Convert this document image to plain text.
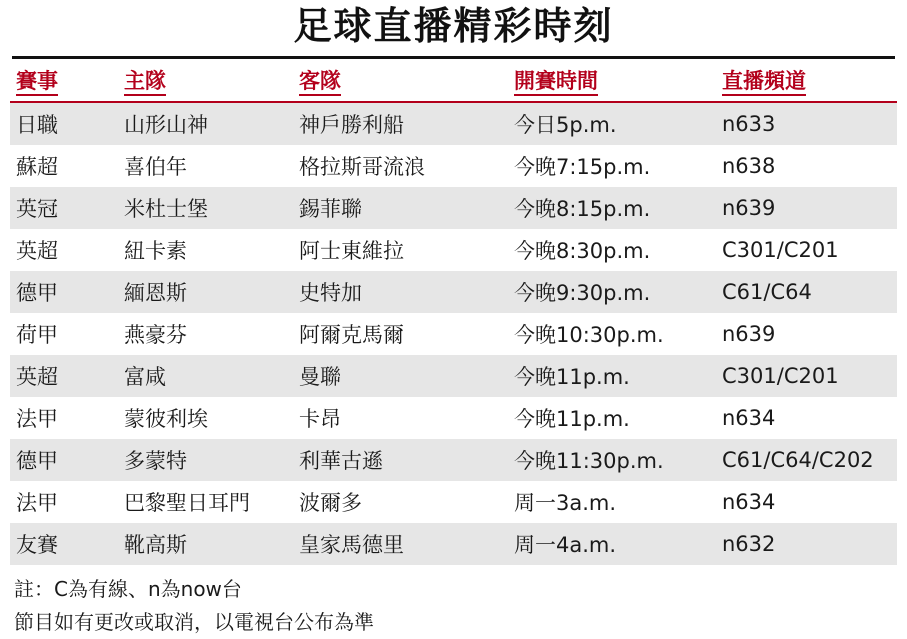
足球直播精彩時刻
賽事	主隊	客隊	開賽時間	直播頻道
日職	山形山神	神戶勝利船	今日5p.m.	n633
蘇超	喜伯年	格拉斯哥流浪	今晚7:15p.m.	n638
英冠	米杜士堡	錫菲聯	今晚8:15p.m.	n639
英超	紐卡素	阿士東維拉	今晚8:30p.m.	C301/C201
德甲	緬恩斯	史特加	今晚9:30p.m.	C61/C64
荷甲	燕豪芬	阿爾克馬爾	今晚10:30p.m.	n639
英超	富咸	曼聯	今晚11p.m.	C301/C201
法甲	蒙彼利埃	卡昂	今晚11p.m.	n634
德甲	多蒙特	利華古遜	今晚11:30p.m.	C61/C64/C202
法甲	巴黎聖日耳門	波爾多	周一3a.m.	n634
友賽	靴高斯	皇家馬德里	周一4a.m.	n632
註：C為有線、n為now台
節目如有更改或取消，以電視台公布為準
